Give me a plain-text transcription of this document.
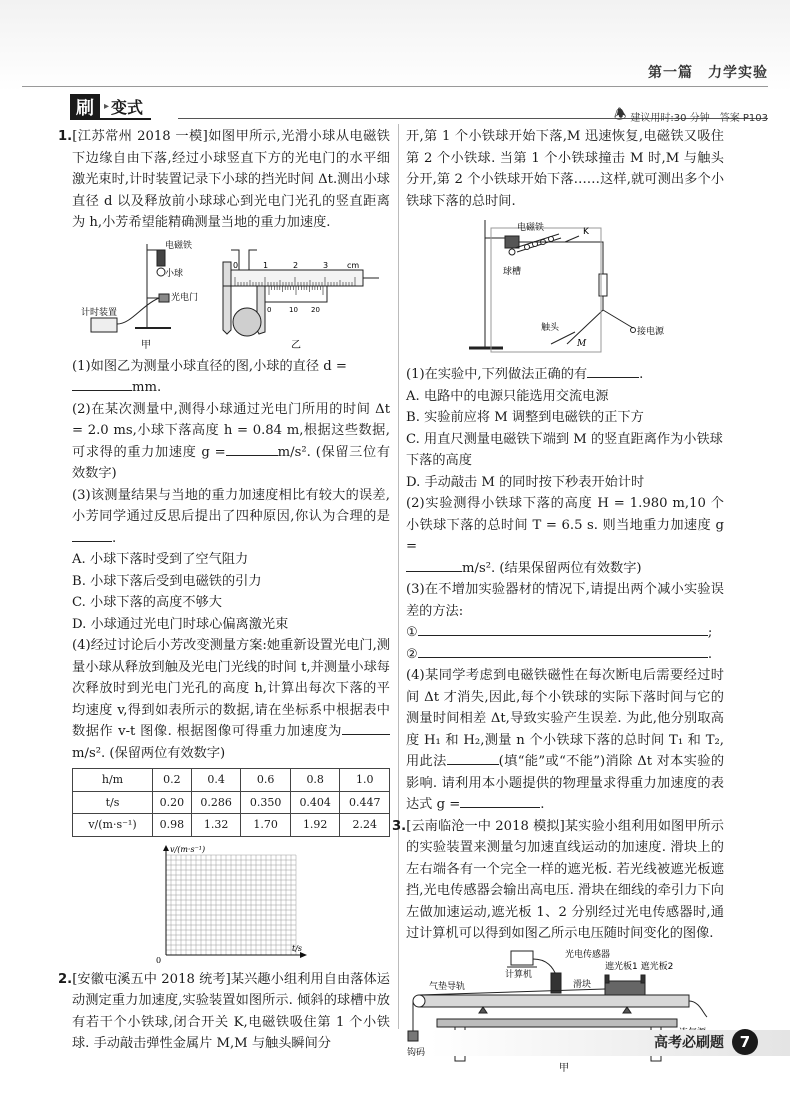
第一篇　力学实验
刷	▸ 变式	🕭 建议用时:30 分钟　答案 P103

1.[江苏常州 2018 一模]如图甲所示,光滑小球从电磁铁下边缘自由下落,经过小球竖直下方的光电门的水平细激光束时,计时装置记录下小球的挡光时间 Δt.测出小球直径 d 以及释放前小球球心到光电门光孔的竖直距离为 h,小芳希望能精确测量当地的重力加速度.

电磁铁
小球
光电门
计时装置
甲
0	1	2	3 cm
0	10 20
乙

(1)如图乙为测量小球直径的图,小球的直径 d =
mm.

(2)在某次测量中,测得小球通过光电门所用的时间 Δt = 2.0 ms,小球下落高度 h = 0.84 m,根据这些数据,可求得的重力加速度 g =	m/s². (保留三位有效数字)

(3)该测量结果与当地的重力加速度相比有较大的误差,小芳同学通过反思后提出了四种原因,你认为合理的是.

A. 小球下落时受到了空气阻力
B. 小球下落后受到电磁铁的引力
C. 小球下落的高度不够大
D. 小球通过光电门时球心偏离激光束

(4)经过讨论后小芳改变测量方案:她重新设置光电门,测量小球从释放到触及光电门光线的时间 t,并测量小球每次释放时到光电门光孔的高度 h,计算出每次下落的平均速度 v,得到如表所示的数据,请在坐标系中根据表中数据作 v-t 图像. 根据图像可得重力加速度为m/s². (保留两位有效数字)

h/m	0.2	0.4	0.6	0.8	1.0
t/s	0.20	0.286	0.350	0.404	0.447
v/(m·s⁻¹)	0.98	1.32	1.70	1.92	2.24
v/(m·s⁻¹)
t/s
0

2.[安徽屯溪五中 2018 统考]某兴趣小组利用自由落体运动测定重力加速度,实验装置如图所示. 倾斜的球槽中放有若干个小铁球,闭合开关 K,电磁铁吸住第 1 个小铁球. 手动敲击弹性金属片 M,M 与触头瞬间分

开,第 1 个小铁球开始下落,M 迅速恢复,电磁铁又吸住第 2 个小铁球. 当第 1 个小铁球撞击 M 时,M 与触头分开,第 2 个小铁球开始下落……这样,就可测出多个小铁球下落的总时间.

电磁铁	K
球槽
触头
M
接电源

(1)在实验中,下列做法正确的有	.

A. 电路中的电源只能选用交流电源
B. 实验前应将 M 调整到电磁铁的正下方
C. 用直尺测量电磁铁下端到 M 的竖直距离作为小铁球下落的高度
D. 手动敲击 M 的同时按下秒表开始计时

(2)实验测得小铁球下落的高度 H = 1.980 m,10 个小铁球下落的总时间 T = 6.5 s. 则当地重力加速度 g =
m/s². (结果保留两位有效数字)

(3)在不增加实验器材的情况下,请提出两个减小实验误差的方法:

①	;

②	.

(4)某同学考虑到电磁铁磁性在每次断电后需要经过时间 Δt 才消失,因此,每个小铁球的实际下落时间与它的测量时间相差 Δt,导致实验产生误差. 为此,他分别取高度 H₁ 和 H₂,测量 n 个小铁球下落的总时间 T₁ 和 T₂,用此法	(填“能”或“不能”)消除 Δt 对本实验的影响. 请利用本小题提供的物理量求得重力加速度的表达式 g =	.

3.[云南临沧一中 2018 模拟]某实验小组利用如图甲所示的实验装置来测量匀加速直线运动的加速度. 滑块上的左右端各有一个完全一样的遮光板. 若光线被遮光板遮挡,光电传感器会输出高电压. 滑块在细线的牵引力下向左做加速运动,遮光板 1、2 分别经过光电传感器时,通过计算机可以得到如图乙所示电压随时间变化的图像.

计算机
光电传感器
气垫导轨
遮光板1 遮光板2
滑块
钩码
甲
高考必刷题	7
